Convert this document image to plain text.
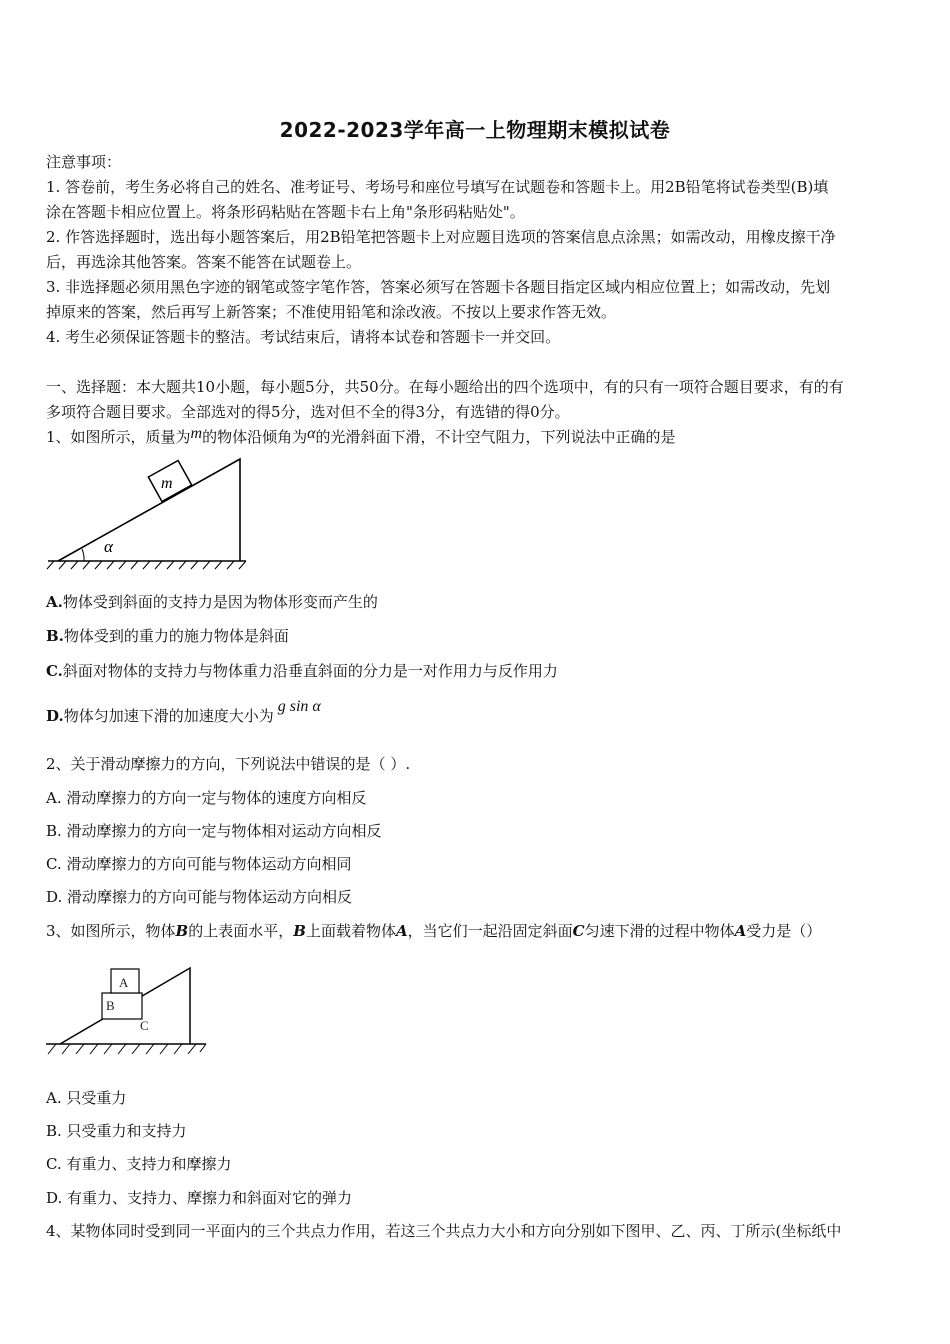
2022-2023学年高一上物理期末模拟试卷
注意事项：
1. 答卷前，考生务必将自己的姓名、准考证号、考场号和座位号填写在试题卷和答题卡上。用2B铅笔将试卷类型(B)填
涂在答题卡相应位置上。将条形码粘贴在答题卡右上角"条形码粘贴处"。
2. 作答选择题时，选出每小题答案后，用2B铅笔把答题卡上对应题目选项的答案信息点涂黑；如需改动，用橡皮擦干净
后，再选涂其他答案。答案不能答在试题卷上。
3. 非选择题必须用黑色字迹的钢笔或签字笔作答，答案必须写在答题卡各题目指定区域内相应位置上；如需改动，先划
掉原来的答案，然后再写上新答案；不准使用铅笔和涂改液。不按以上要求作答无效。
4. 考生必须保证答题卡的整洁。考试结束后，请将本试卷和答题卡一并交回。
一、选择题：本大题共10小题，每小题5分，共50分。在每小题给出的四个选项中，有的只有一项符合题目要求，有的有
多项符合题目要求。全部选对的得5分，选对但不全的得3分，有选错的得0分。
1、如图所示，质量为m的物体沿倾角为α的光滑斜面下滑，不计空气阻力，下列说法中正确的是
m
α
A.物体受到斜面的支持力是因为物体形变而产生的
B.物体受到的重力的施力物体是斜面
C.斜面对物体的支持力与物体重力沿垂直斜面的分力是一对作用力与反作用力
D.物体匀加速下滑的加速度大小为g sin α
2、关于滑动摩擦力的方向，下列说法中错误的是（ ）.
A. 滑动摩擦力的方向一定与物体的速度方向相反
B. 滑动摩擦力的方向一定与物体相对运动方向相反
C. 滑动摩擦力的方向可能与物体运动方向相同
D. 滑动摩擦力的方向可能与物体运动方向相反
3、如图所示，物体B的上表面水平，B上面载着物体A，当它们一起沿固定斜面C匀速下滑的过程中物体A受力是（）
A
B
C
A. 只受重力
B. 只受重力和支持力
C. 有重力、支持力和摩擦力
D. 有重力、支持力、摩擦力和斜面对它的弹力
4、某物体同时受到同一平面内的三个共点力作用，若这三个共点力大小和方向分别如下图甲、乙、丙、丁所示(坐标纸中
